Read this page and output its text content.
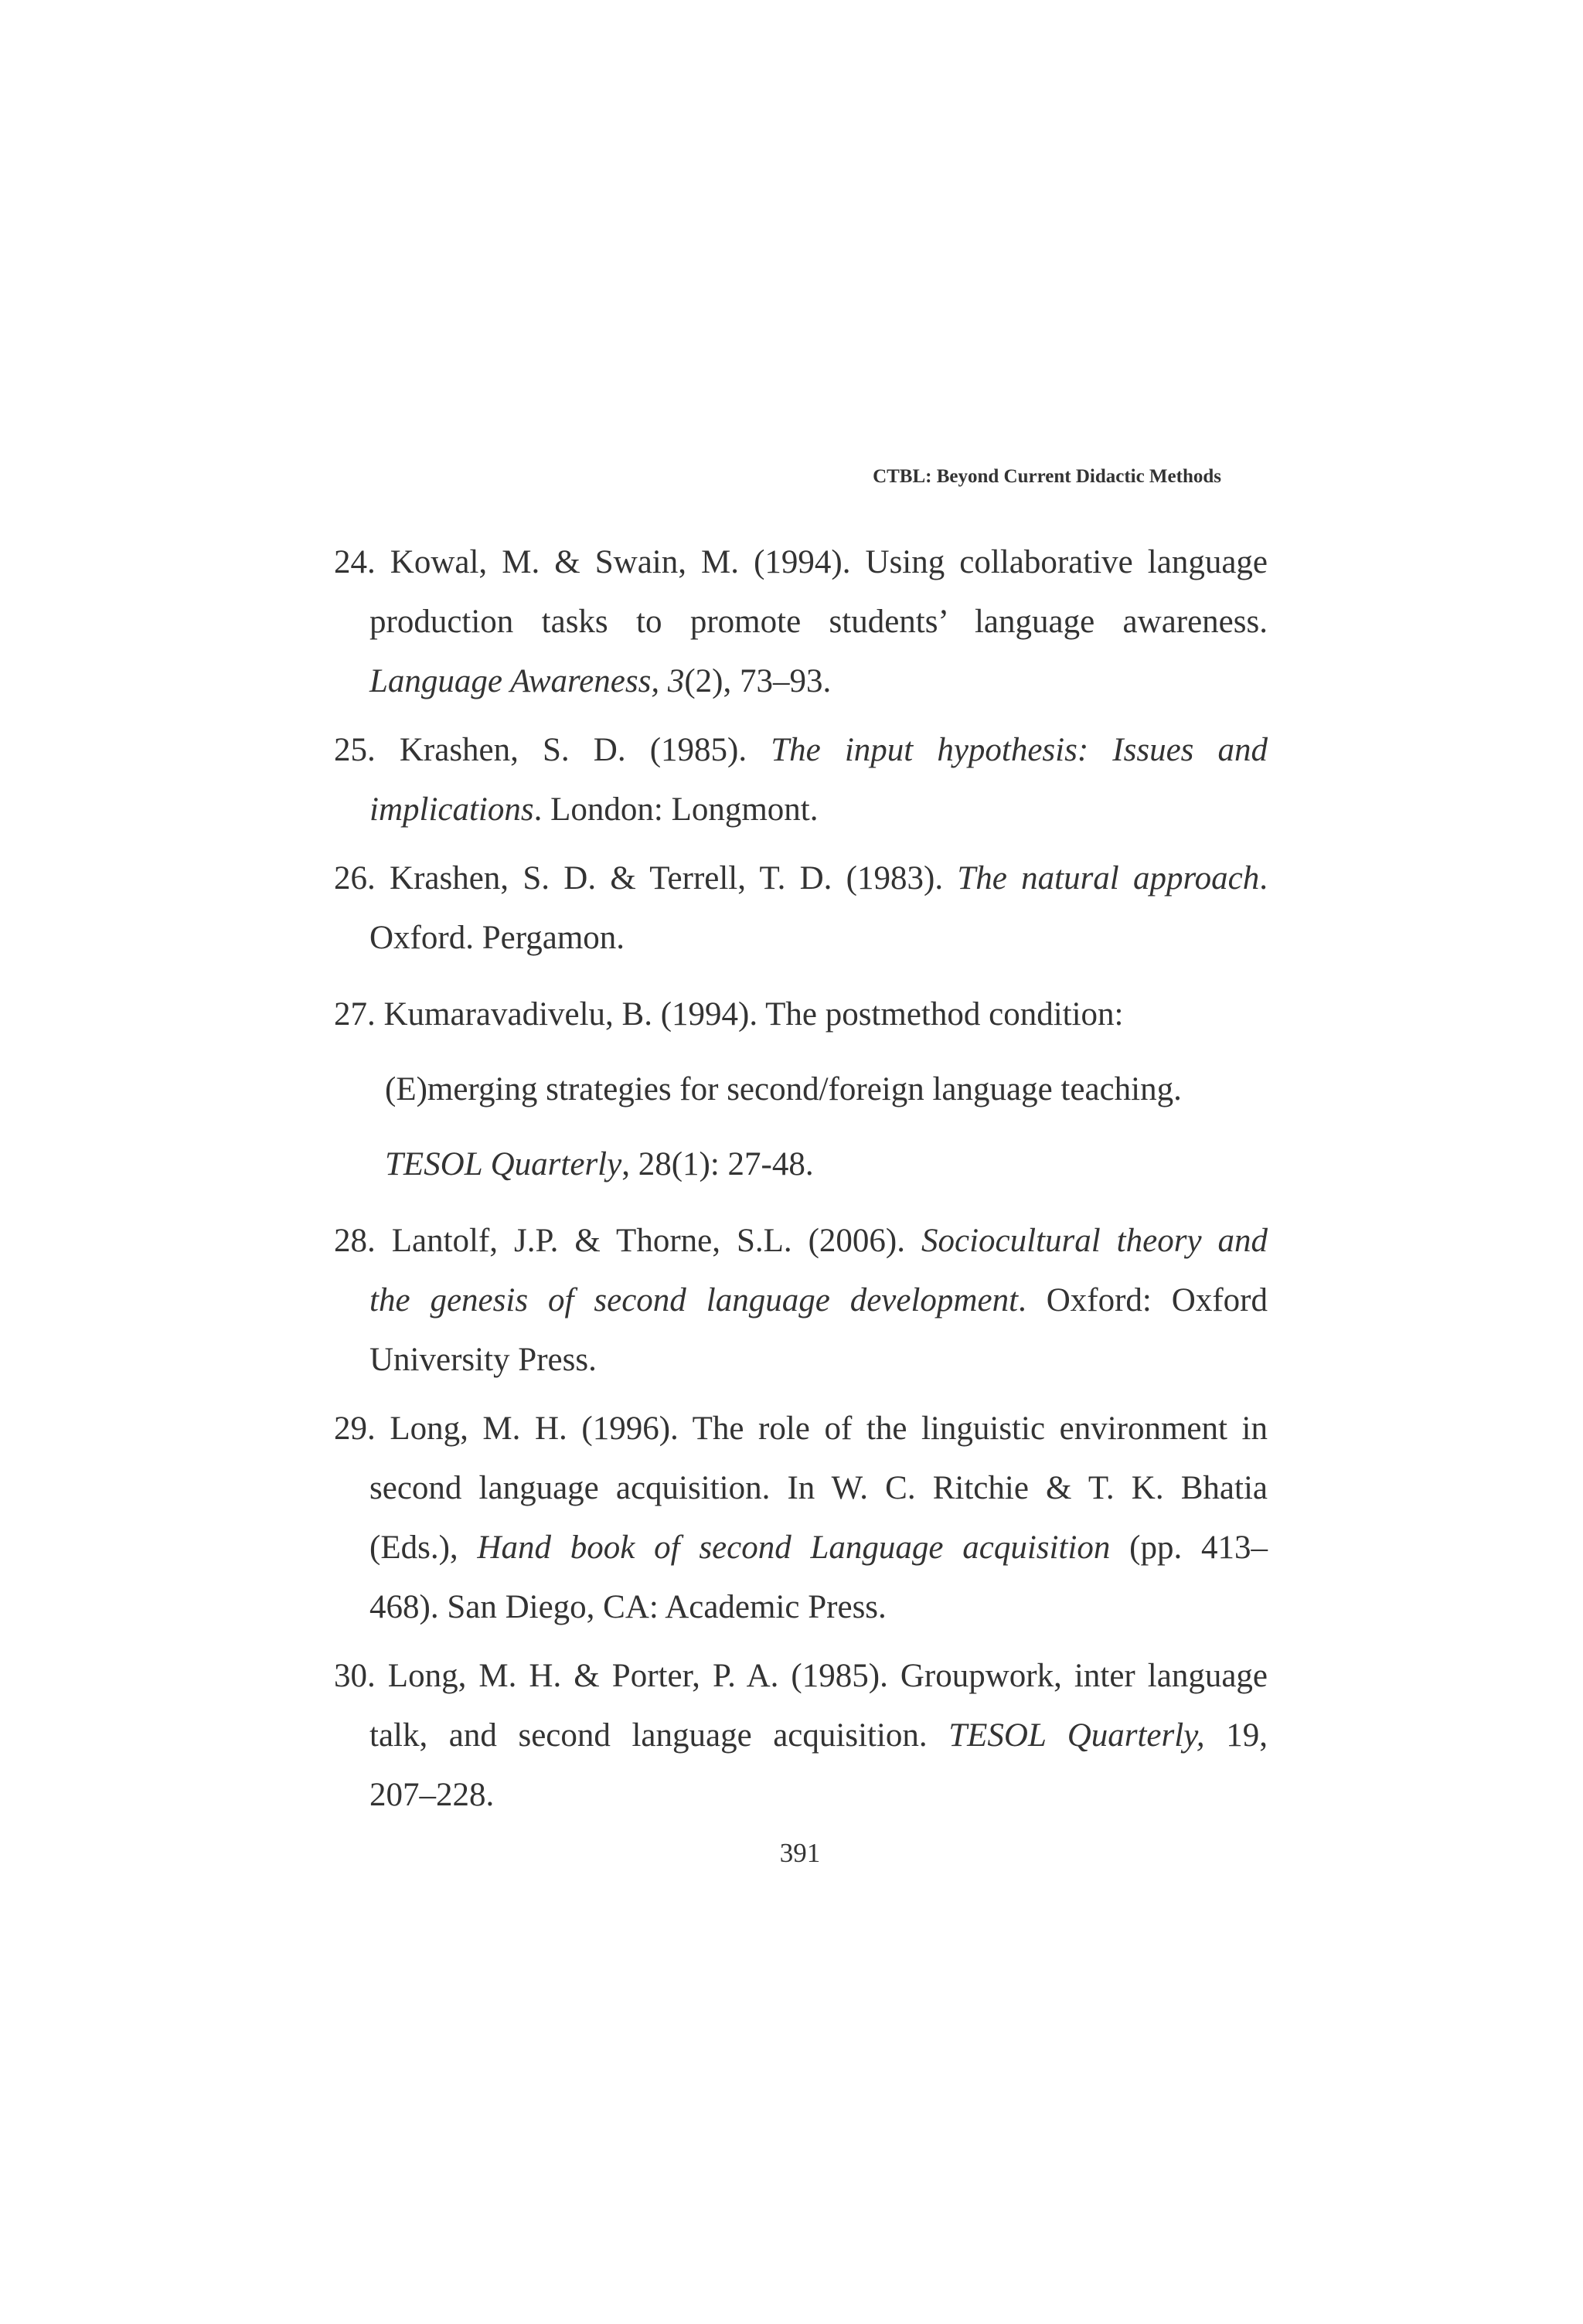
CTBL: Beyond Current Didactic Methods

24. Kowal, M. & Swain, M. (1994). Using collaborative language
production tasks to promote students’ language awareness.
Language Awareness, 3(2), 73–93.

25. Krashen, S. D. (1985). The input hypothesis: Issues and
implications. London: Longmont.

26. Krashen, S. D. & Terrell, T. D. (1983). The natural approach.
Oxford. Pergamon.

27. Kumaravadivelu, B. (1994). The postmethod condition:
(E)merging strategies for second/foreign language teaching.
TESOL Quarterly, 28(1): 27-48.

28. Lantolf, J.P. & Thorne, S.L. (2006). Sociocultural theory and
the genesis of second language development. Oxford: Oxford
University Press.

29. Long, M. H. (1996). The role of the linguistic environment in
second language acquisition. In W. C. Ritchie & T. K. Bhatia
(Eds.), Hand book of second Language acquisition (pp. 413–
468). San Diego, CA: Academic Press.

30. Long, M. H. & Porter, P. A. (1985). Groupwork, inter language
talk, and second language acquisition. TESOL Quarterly, 19,
207–228.

391
